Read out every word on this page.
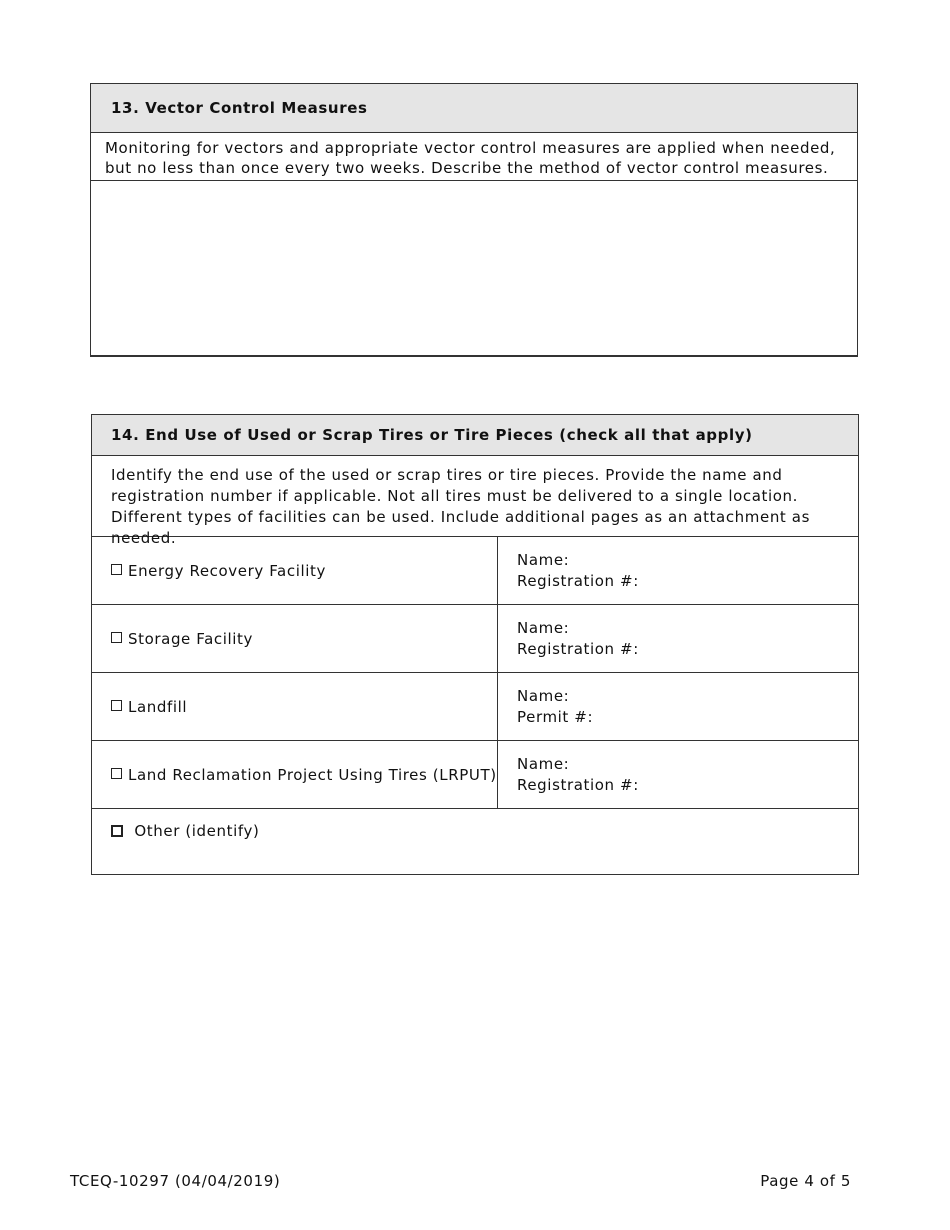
13. Vector Control Measures
Monitoring for vectors and appropriate vector control measures are applied when needed, but no less than once every two weeks. Describe the method of vector control measures.
14. End Use of Used or Scrap Tires or Tire Pieces (check all that apply)
Identify the end use of the used or scrap tires or tire pieces. Provide the name and registration number if applicable. Not all tires must be delivered to a single location. Different types of facilities can be used. Include additional pages as an attachment as needed.
Energy Recovery Facility
Name:
Registration #:
Storage Facility
Name:
Registration #:
Landfill
Name:
Permit #:
Land Reclamation Project Using Tires (LRPUT)
Name:
Registration #:
Other (identify)
TCEQ-10297 (04/04/2019)	Page 4 of 5
